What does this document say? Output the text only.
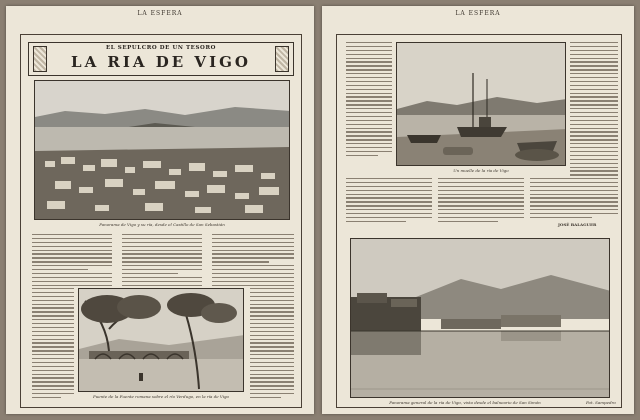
LA ESFERA
EL SEPULCRO DE UN TESORO
LA RIA DE VIGO
Panorama de Vigo y su ría, desde el Castillo de San Sebastián
Puente de la Fuente romana sobre el río Verdugo, en la ría de Vigo
LA ESFERA
Un muelle de la ría de Vigo
JOSÉ BALAGUER
Panorama general de la ría de Vigo, visto desde el balneario de San Simón	Fot. Sampedro
